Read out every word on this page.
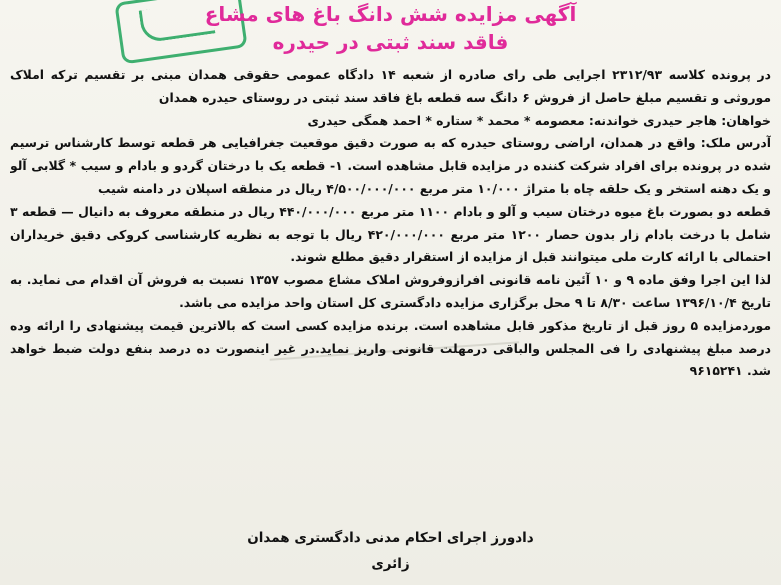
آگهی مزایده شش دانگ باغ های مشاع
فاقد سند ثبتی در حیدره

در پرونده کلاسه ۲۳۱۲/۹۳ اجرایی طی رای صادره از شعبه ۱۴ دادگاه عمومی حقوقی همدان مبنی بر تقسیم ترکه املاک موروثی و تقسیم مبلغ حاصل از فروش ۶ دانگ سه قطعه باغ فاقد سند ثبتی در روستای حیدره همدان

خواهان: هاجر حیدری خواندنه: معصومه * محمد * ستاره * احمد همگی حیدری

آدرس ملک: واقع در همدان، اراضی روستای حیدره که به صورت دقیق موقعیت جغرافیایی هر قطعه توسط کارشناس ترسیم شده در پرونده برای افراد شرکت کننده در مزایده قابل مشاهده است. ۱- قطعه یک با درختان گردو و بادام و سیب * گلابی آلو و یک دهنه استخر و یک حلقه چاه با متراژ ۱۰/۰۰۰ متر مربع ۴/۵۰۰/۰۰۰/۰۰۰ ریال در منطقه اسپلان در دامنه شیب

قطعه دو بصورت باغ میوه درختان سیب و آلو و بادام ۱۱۰۰ متر مربع ۴۴۰/۰۰۰/۰۰۰ ریال در منطقه معروف به دانیال — قطعه ۳ شامل با درخت بادام زار بدون حصار ۱۲۰۰ متر مربع ۴۲۰/۰۰۰/۰۰۰ ریال با توجه به نظریه کارشناسی کروکی دقیق خریداران احتمالی با ارائه کارت ملی میتوانند قبل از مزایده از استقرار دقیق مطلع شوند.

لذا این اجرا وفق ماده ۹ و ۱۰ آئین نامه قانونی افرازوفروش املاک مشاع مصوب ۱۳۵۷ نسبت به فروش آن اقدام می نماید. به تاریخ ۱۳۹۶/۱۰/۴ ساعت ۸/۳۰ تا ۹ محل برگزاری مزایده دادگستری کل استان واحد مزایده می باشد.

موردمزایده ۵ روز قبل از تاریخ مذکور قابل مشاهده است. برنده مزایده کسی است که بالاترین قیمت پیشنهادی را ارائه وده درصد مبلغ پیشنهادی را فی المجلس والباقی درمهلت قانونی واریز نماید.در غیر اینصورت ده درصد بنفع دولت ضبط خواهد شد. ۹۶۱۵۲۴۱

دادورز اجرای احکام مدنی دادگستری همدان
زائری
